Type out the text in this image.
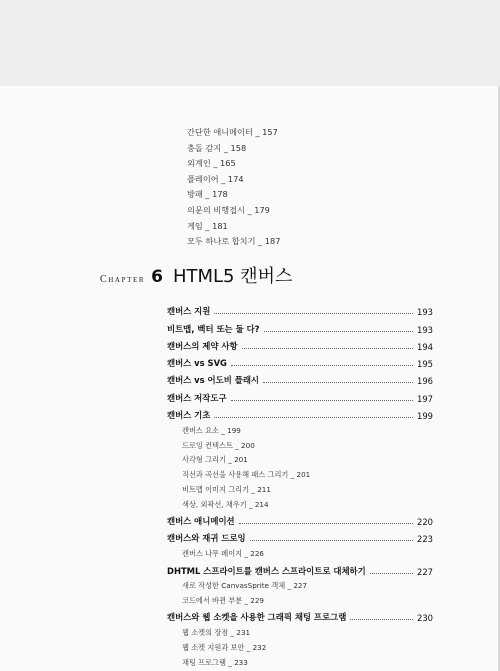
간단한 애니메이터 _ 157
충돌 감지 _ 158
외계인 _ 165
플레이어 _ 174
방패 _ 178
의문의 비행접시 _ 179
게임 _ 181
모두 하나로 합치기 _ 187
Chapter 6 HTML5 캔버스
캔버스 지원	193
비트맵, 벡터 또는 둘 다?	193
캔버스의 제약 사항	194
캔버스 vs SVG	195
캔버스 vs 어도비 플래시	196
캔버스 저작도구	197
캔버스 기초	199
캔버스 요소 _ 199
드로잉 컨텍스트 _ 200
사각형 그리기 _ 201
직선과 곡선을 사용해 패스 그리기 _ 201
비트맵 이미지 그리기 _ 211
색상, 외곽선, 채우기 _ 214
캔버스 애니메이션	220
캔버스와 재귀 드로잉	223
캔버스 나무 페이지 _ 226
DHTML 스프라이트를 캔버스 스프라이트로 대체하기	227
새로 작성한 CanvasSprite 객체 _ 227
코드에서 바뀐 부분 _ 229
캔버스와 웹 소켓을 사용한 그래픽 채팅 프로그램	230
웹 소켓의 장점 _ 231
웹 소켓 지원과 보안 _ 232
채팅 프로그램 _ 233
